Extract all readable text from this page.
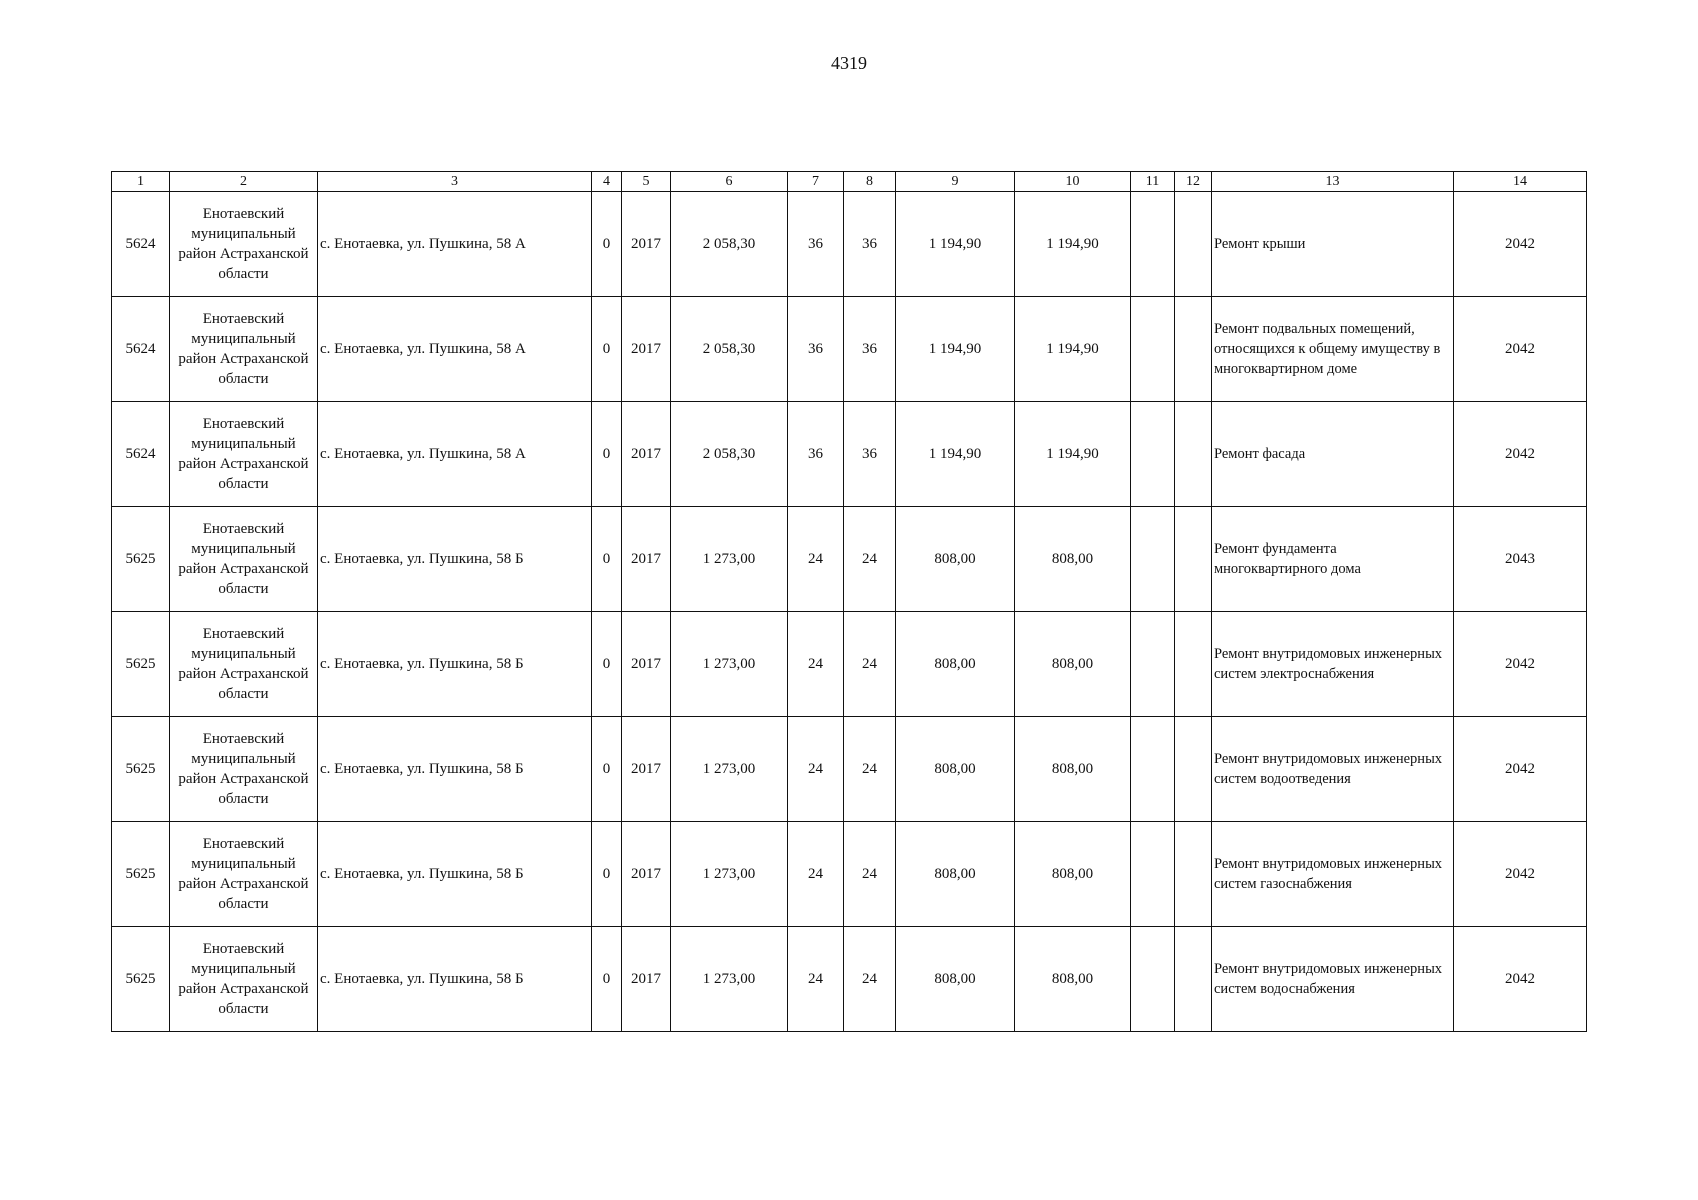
4319
1	2	3	4	5	6	7	8	9	10	11	12	13	14
5624	Енотаевский муниципальный район Астраханской области	с. Енотаевка, ул. Пушкина, 58 А	0	2017	2 058,30	36	36	1 194,90	1 194,90			Ремонт крыши	2042
5624	Енотаевский муниципальный район Астраханской области	с. Енотаевка, ул. Пушкина, 58 А	0	2017	2 058,30	36	36	1 194,90	1 194,90			Ремонт подвальных помещений, относящихся к общему имуществу в многоквартирном доме	2042
5624	Енотаевский муниципальный район Астраханской области	с. Енотаевка, ул. Пушкина, 58 А	0	2017	2 058,30	36	36	1 194,90	1 194,90			Ремонт фасада	2042
5625	Енотаевский муниципальный район Астраханской области	с. Енотаевка, ул. Пушкина, 58 Б	0	2017	1 273,00	24	24	808,00	808,00			Ремонт фундамента многоквартирного дома	2043
5625	Енотаевский муниципальный район Астраханской области	с. Енотаевка, ул. Пушкина, 58 Б	0	2017	1 273,00	24	24	808,00	808,00			Ремонт внутридомовых инженерных систем электроснабжения	2042
5625	Енотаевский муниципальный район Астраханской области	с. Енотаевка, ул. Пушкина, 58 Б	0	2017	1 273,00	24	24	808,00	808,00			Ремонт внутридомовых инженерных систем водоотведения	2042
5625	Енотаевский муниципальный район Астраханской области	с. Енотаевка, ул. Пушкина, 58 Б	0	2017	1 273,00	24	24	808,00	808,00			Ремонт внутридомовых инженерных систем газоснабжения	2042
5625	Енотаевский муниципальный район Астраханской области	с. Енотаевка, ул. Пушкина, 58 Б	0	2017	1 273,00	24	24	808,00	808,00			Ремонт внутридомовых инженерных систем водоснабжения	2042
